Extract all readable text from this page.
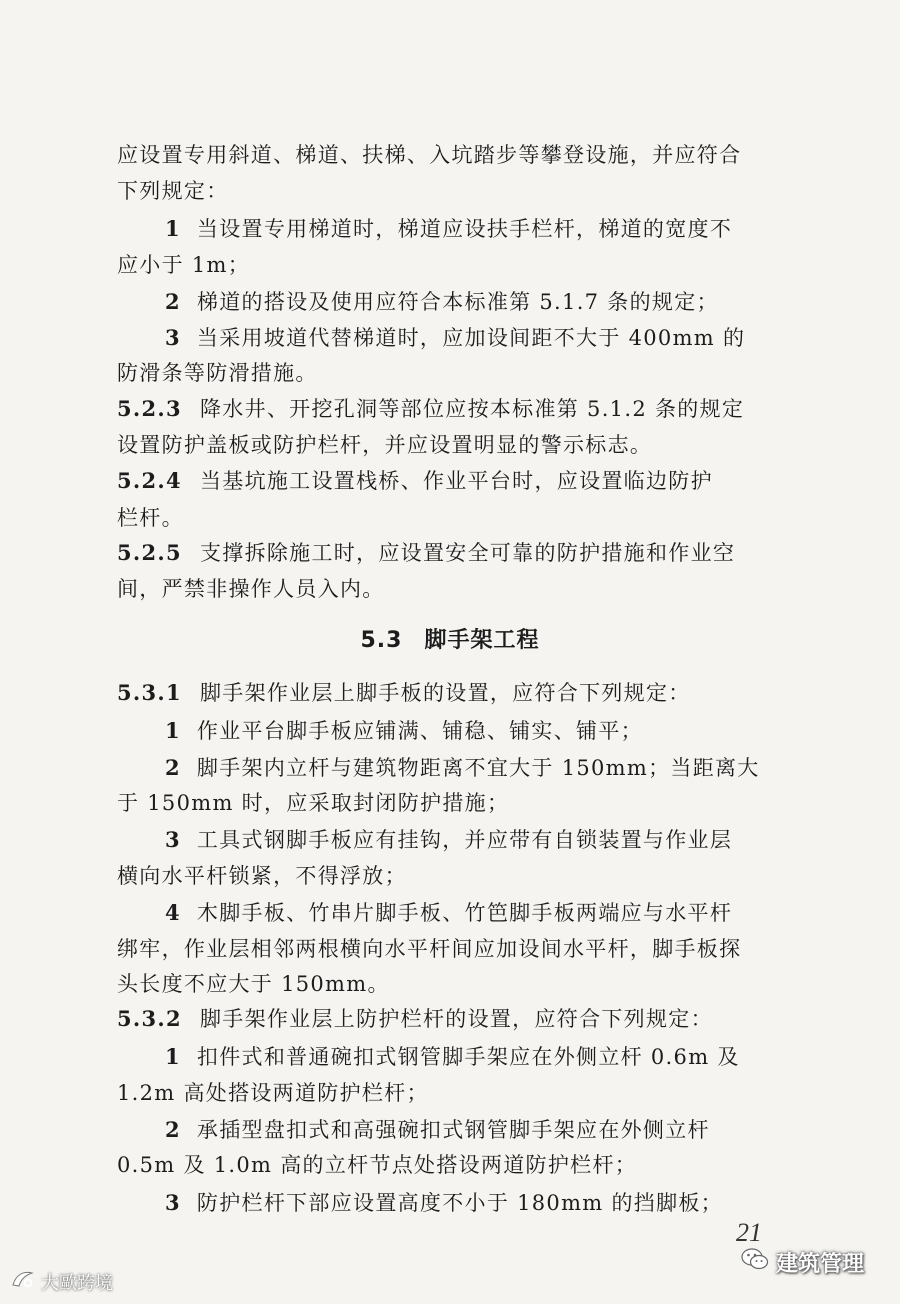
应设置专用斜道、梯道、扶梯、入坑踏步等攀登设施，并应符合
下列规定：
1 当设置专用梯道时，梯道应设扶手栏杆，梯道的宽度不
应小于 1m；
2 梯道的搭设及使用应符合本标准第 5.1.7 条的规定；
3 当采用坡道代替梯道时，应加设间距不大于 400mm 的
防滑条等防滑措施。
5.2.3 降水井、开挖孔洞等部位应按本标准第 5.1.2 条的规定
设置防护盖板或防护栏杆，并应设置明显的警示标志。
5.2.4 当基坑施工设置栈桥、作业平台时，应设置临边防护
栏杆。
5.2.5 支撑拆除施工时，应设置安全可靠的防护措施和作业空
间，严禁非操作人员入内。
5.3 脚手架工程
5.3.1 脚手架作业层上脚手板的设置，应符合下列规定：
1 作业平台脚手板应铺满、铺稳、铺实、铺平；
2 脚手架内立杆与建筑物距离不宜大于 150mm；当距离大
于 150mm 时，应采取封闭防护措施；
3 工具式钢脚手板应有挂钩，并应带有自锁装置与作业层
横向水平杆锁紧，不得浮放；
4 木脚手板、竹串片脚手板、竹笆脚手板两端应与水平杆
绑牢，作业层相邻两根横向水平杆间应加设间水平杆，脚手板探
头长度不应大于 150mm。
5.3.2 脚手架作业层上防护栏杆的设置，应符合下列规定：
1 扣件式和普通碗扣式钢管脚手架应在外侧立杆 0.6m 及
1.2m 高处搭设两道防护栏杆；
2 承插型盘扣式和高强碗扣式钢管脚手架应在外侧立杆
0.5m 及 1.0m 高的立杆节点处搭设两道防护栏杆；
3 防护栏杆下部应设置高度不小于 180mm 的挡脚板；
21
建筑管理
大歐跨境
